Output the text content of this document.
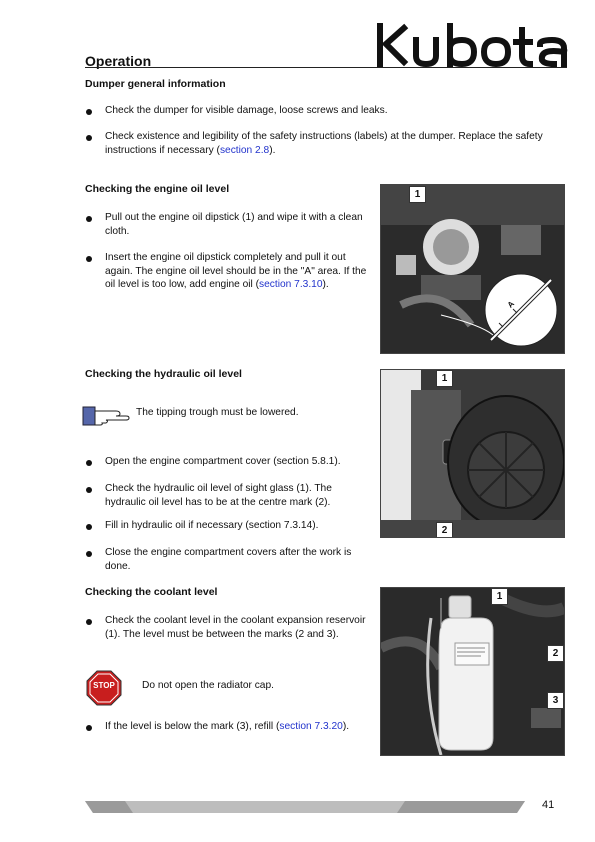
Operation
Dumper general information
Check the dumper for visible damage, loose screws and leaks.
Check existence and legibility of the safety instructions (labels) at the dumper. Replace the safety instructions if necessary (section 2.8).
Checking the engine oil level
Pull out the engine oil dipstick (1) and wipe it with a clean cloth.
Insert the engine oil dipstick completely and pull it out again. The engine oil level should be in the "A" area. If the oil level is too low, add engine oil (section 7.3.10).
1
A
Checking the hydraulic oil level
The tipping trough must be lowered.
Open the engine compartment cover (section 5.8.1).
Check the hydraulic oil level of sight glass (1). The hydraulic oil level has to be at the centre mark (2).
Fill in hydraulic oil if necessary (section 7.3.14).
Close the engine compartment covers after the work is done.
1
2
Checking the coolant level
Check the coolant level in the coolant expansion reservoir (1). The level must be between the marks (2 and 3).
STOP	Do not open the radiator cap.
If the level is below the mark (3), refill (section 7.3.20).
1
2
3
41
